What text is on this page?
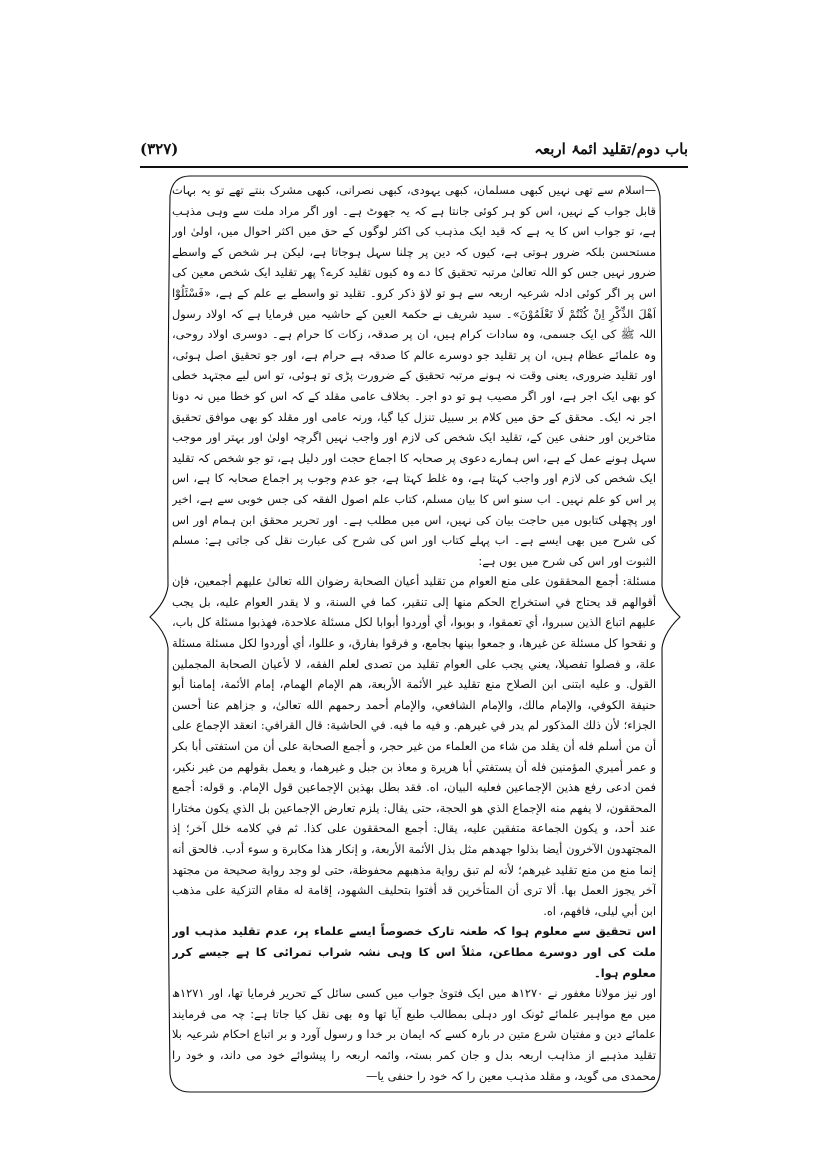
باب دوم/تقلید ائمۂ اربعہ
(۳۲۷)

—اسلام سے تھی نہیں کبھی مسلمان، کبھی یہودی، کبھی نصرانی، کبھی مشرک بنتے تھے تو یہ بہات قابل جواب کے نہیں، اس کو ہر کوئی جانتا ہے کہ یہ جھوٹ ہے۔ اور اگر مراد ملت سے وہی مذہب ہے، تو جواب اس کا یہ ہے کہ قید ایک مذہب کی اکثر لوگوں کے حق میں اکثر احوال میں، اولیٰ اور مستحسن بلکہ ضرور ہوتی ہے، کیوں کہ دین پر چلنا سہل ہوجاتا ہے، لیکن ہر شخص کے واسطے ضرور نہیں جس کو اللہ تعالیٰ مرتبہ تحقیق کا دے وہ کیوں تقلید کرے؟ پھر تقلید ایک شخص معین کی اس پر اگر کوئی ادلہ شرعیہ اربعہ سے ہو تو لاؤ ذکر کرو۔ تقلید تو واسطے بے علم کے ہے، «فَسْئَلُوْٓا اَهْلَ الذِّكْرِ اِنْ كُنْتُمْ لَا تَعْلَمُوْنَ»۔ سید شریف نے حکمۃ العین کے حاشیہ میں فرمایا ہے کہ اولاد رسول اللہ ﷺ کی ایک جسمی، وہ سادات کرام ہیں، ان پر صدقہ، زکات کا حرام ہے۔ دوسری اولاد روحی، وہ علمائے عظام ہیں، ان پر تقلید جو دوسرے عالم کا صدقہ ہے حرام ہے، اور جو تحقیق اصل ہوئی، اور تقلید ضروری، یعنی وقت نہ ہونے مرتبہ تحقیق کے ضرورت پڑی تو ہوئی، تو اس لیے مجتہد خطی کو بھی ایک اجر ہے، اور اگر مصیب ہو تو دو اجر۔ بخلاف عامی مقلد کے کہ اس کو خطا میں نہ دونا اجر نہ ایک۔ محقق کے حق میں کلام بر سبیل تنزل کیا گیا، ورنہ عامی اور مقلد کو بھی موافق تحقیق متاخرین اور حنفی عین کے، تقلید ایک شخص کی لازم اور واجب نہیں اگرچہ اولیٰ اور بہتر اور موجب سہل ہونے عمل کے ہے، اس ہمارے دعوی پر صحابہ کا اجماع حجت اور دلیل ہے، تو جو شخص کہ تقلید ایک شخص کی لازم اور واجب کہتا ہے، وہ غلط کہتا ہے، جو عدم وجوب پر اجماع صحابہ کا ہے، اس پر اس کو علم نہیں۔ اب سنو اس کا بیان مسلم، کتاب علم اصول الفقہ کی جس خوبی سے ہے، اخیر اور پچھلی کتابوں میں حاجت بیان کی نہیں، اس میں مطلب ہے۔ اور تحریر محقق ابن ہمام اور اس کی شرح میں بھی ایسے ہے۔ اب پہلے کتاب اور اس کی شرح کی عبارت نقل کی جاتی ہے: مسلم الثبوت اور اس کی شرح میں یوں ہے:

مسئلة: أجمع المحققون على منع العوام من تقليد أعيان الصحابة رضوان الله تعالىٰ عليهم أجمعين، فإن أقوالهم قد يحتاج في استخراج الحكم منها إلى تنقير، كما في السنة، و لا يقدر العوام عليه، بل يجب عليهم اتباع الذين سبروا، أي تعمقوا، و بوبوا، أي أوردوا أبوابا لكل مسئلة علاحدة، فهذبوا مسئلة كل باب، و نقحوا كل مسئلة عن غيرها، و جمعوا بينها بجامع، و فرقوا بفارق، و عللوا، أي أوردوا لكل مسئلة مسئلة علة، و فصلوا تفصيلا، يعني يجب على العوام تقليد من تصدى لعلم الفقه، لا لأعيان الصحابة المجملين القول. و عليه ابتنى ابن الصلاح منع تقليد غير الأئمة الأربعة، هم الإمام الهمام، إمام الأئمة، إمامنا أبو حنيفة الكوفي، والإمام مالك، والإمام الشافعي، والإمام أحمد رحمهم الله تعالىٰ، و جزاهم عنا أحسن الجزاء؛ لأن ذلك المذكور لم يدر في غيرهم. و فيه ما فيه. في الحاشية: قال القرافي: انعقد الإجماع على أن من أسلم فله أن يقلد من شاء من العلماء من غير حجر، و أجمع الصحابة على أن من استفتى أبا بكر و عمر أميري المؤمنين فله أن يستفتي أبا هريرة و معاذ بن جبل و غيرهما، و يعمل بقولهم من غير نكير، فمن ادعى رفع هذين الإجماعين فعليه البيان، اه. فقد بطل بهذين الإجماعين قول الإمام. و قوله: أجمع المحققون، لا يفهم منه الإجماع الذي هو الحجة، حتى يقال: يلزم تعارض الإجماعين بل الذي يكون مختارا عند أحد، و يكون الجماعة متفقين عليه، يقال: أجمع المحققون على كذا. ثم في كلامه خلل آخر؛ إذ المجتهدون الآخرون أيضا بذلوا جهدهم مثل بذل الأئمة الأربعة، و إنكار هذا مكابرة و سوء أدب. فالحق أنه إنما منع من منع تقليد غيرهم؛ لأنه لم تبق رواية مذهبهم محفوظة، حتى لو وجد رواية صحيحة من مجتهد آخر يجوز العمل بها. ألا ترى أن المتأخرين قد أفتوا بتحليف الشهود، إقامة له مقام التزكية على مذهب ابن أبي ليلى، فافهم، اه.

اس تحقیق سے معلوم ہوا کہ طعنہ تارک خصوصاً ایسے علماء پر، عدم تقلید مذہب اور ملت کی اور دوسرے مطاعن، مثلاً اس کا وہی نشہ شراب تمرائی کا ہے جیسے کرر معلوم ہوا۔

اور نیز مولانا مغفور نے ۱۲۷۰ھ میں ایک فتویٰ جواب میں کسی سائل کے تحریر فرمایا تھا، اور ۱۲۷۱ھ میں مع مواہیر علمائے ٹونک اور دہلی بمطالب طبع آیا تھا وہ بھی نقل کیا جاتا ہے: چہ می فرمایند علمائے دین و مفتیان شرع متین در بارہ کسے کہ ایمان بر خدا و رسول آورد و بر اتباع احکام شرعیہ بلا تقلید مذہبے از مذاہب اربعہ بدل و جان کمر بستہ، وائمہ اربعہ را پیشوائے خود می داند، و خود را محمدی می گوید، و مقلد مذہب معین را کہ خود را حنفی یا—
